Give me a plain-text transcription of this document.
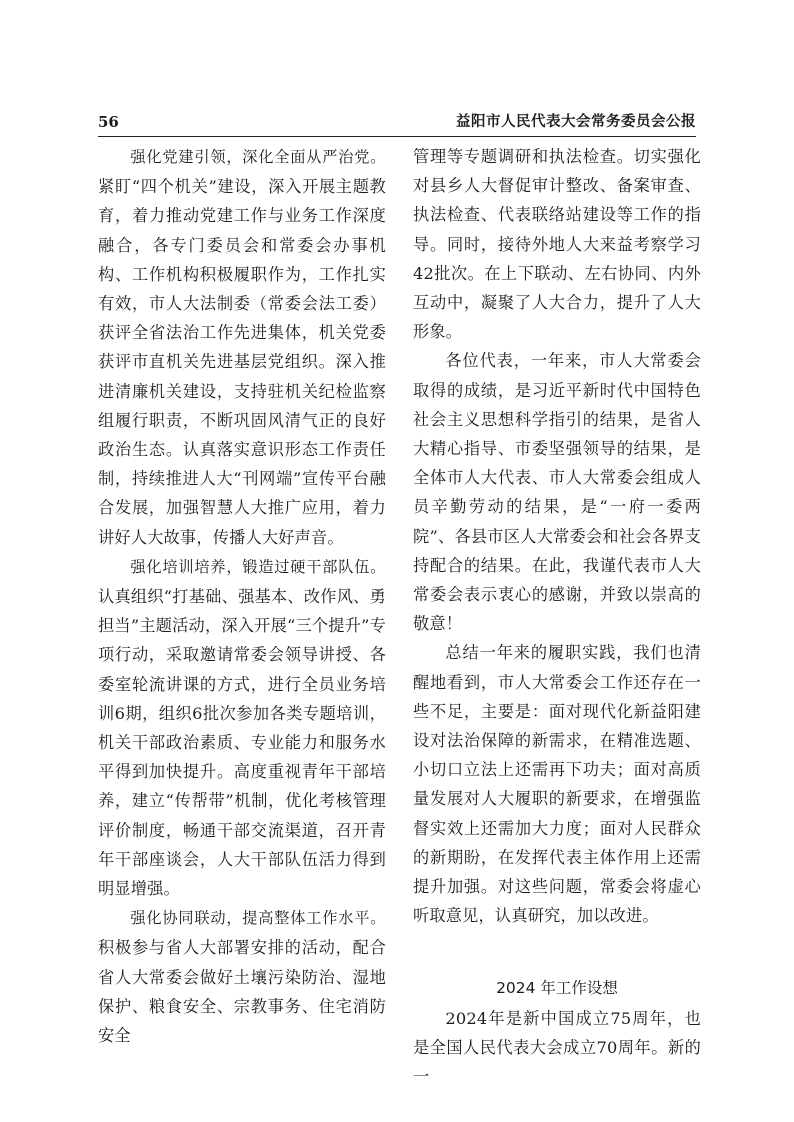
56	益阳市人民代表大会常务委员会公报

强化党建引领，深化全面从严治党。紧盯“四个机关”建设，深入开展主题教育，着力推动党建工作与业务工作深度融合，各专门委员会和常委会办事机构、工作机构积极履职作为，工作扎实有效，市人大法制委（常委会法工委）获评全省法治工作先进集体，机关党委获评市直机关先进基层党组织。深入推进清廉机关建设，支持驻机关纪检监察组履行职责，不断巩固风清气正的良好政治生态。认真落实意识形态工作责任制，持续推进人大“刊网端”宣传平台融合发展，加强智慧人大推广应用，着力讲好人大故事，传播人大好声音。

强化培训培养，锻造过硬干部队伍。认真组织“打基础、强基本、改作风、勇担当”主题活动，深入开展“三个提升”专项行动，采取邀请常委会领导讲授、各委室轮流讲课的方式，进行全员业务培训6期，组织6批次参加各类专题培训，机关干部政治素质、专业能力和服务水平得到加快提升。高度重视青年干部培养，建立“传帮带”机制，优化考核管理评价制度，畅通干部交流渠道，召开青年干部座谈会，人大干部队伍活力得到明显增强。

强化协同联动，提高整体工作水平。积极参与省人大部署安排的活动，配合省人大常委会做好土壤污染防治、湿地保护、粮食安全、宗教事务、住宅消防安全

管理等专题调研和执法检查。切实强化对县乡人大督促审计整改、备案审查、执法检查、代表联络站建设等工作的指导。同时，接待外地人大来益考察学习42批次。在上下联动、左右协同、内外互动中，凝聚了人大合力，提升了人大形象。

各位代表，一年来，市人大常委会取得的成绩，是习近平新时代中国特色社会主义思想科学指引的结果，是省人大精心指导、市委坚强领导的结果，是全体市人大代表、市人大常委会组成人员辛勤劳动的结果，是“一府一委两院”、各县市区人大常委会和社会各界支持配合的结果。在此，我谨代表市人大常委会表示衷心的感谢，并致以崇高的敬意！

总结一年来的履职实践，我们也清醒地看到，市人大常委会工作还存在一些不足，主要是：面对现代化新益阳建设对法治保障的新需求，在精准选题、小切口立法上还需再下功夫；面对高质量发展对人大履职的新要求，在增强监督实效上还需加大力度；面对人民群众的新期盼，在发挥代表主体作用上还需提升加强。对这些问题，常委会将虚心听取意见，认真研究，加以改进。

2024 年工作设想

2024年是新中国成立75周年，也是全国人民代表大会成立70周年。新的一
